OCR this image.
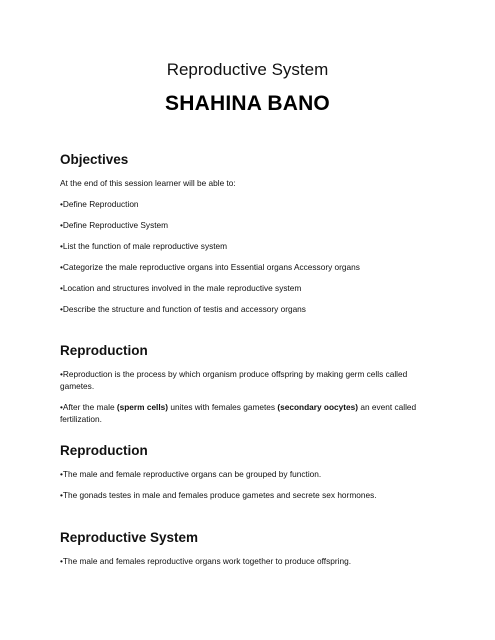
Reproductive System
SHAHINA BANO
Objectives

At the end of this session learner will be able to:

•Define Reproduction

•Define Reproductive System

•List the function of male reproductive system

•Categorize the male reproductive organs into Essential organs Accessory organs

•Location and structures involved in the male reproductive system

•Describe the structure and function of testis and accessory organs

Reproduction

•Reproduction is the process by which organism produce offspring by making germ cells called gametes.

•After the male (sperm cells) unites with females gametes (secondary oocytes) an event called fertilization.

Reproduction

•The male and female reproductive organs can be grouped by function.

•The gonads testes in male and females produce gametes and secrete sex hormones.

Reproductive System

•The male and females reproductive organs work together to produce offspring.
